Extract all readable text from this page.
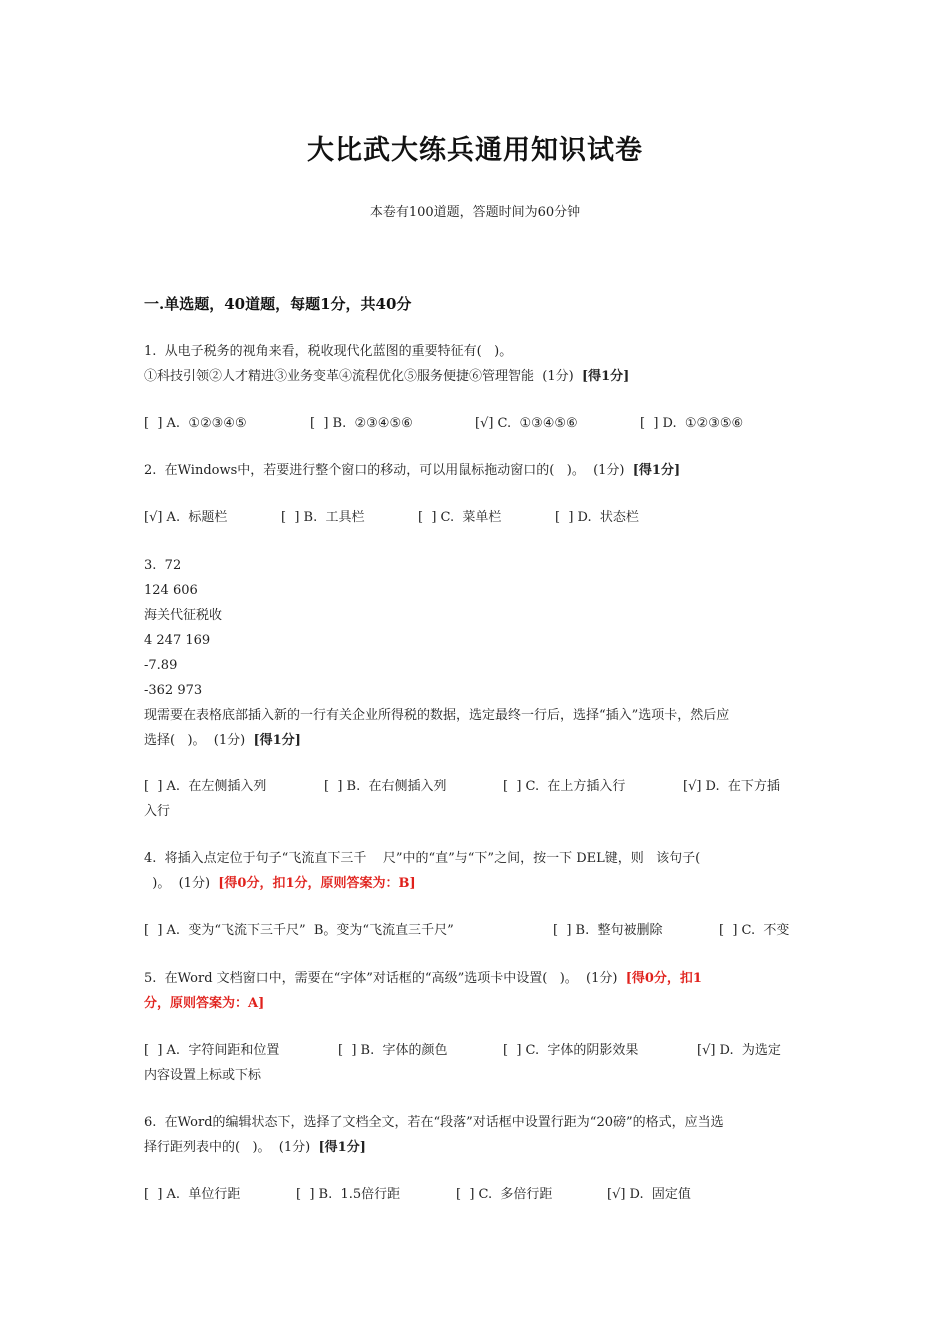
大比武大练兵通用知识试卷
本卷有100道题，答题时间为60分钟
一.单选题，40道题，每题1分，共40分
1.  从电子税务的视角来看，税收现代化蓝图的重要特征有(   )。
①科技引领②人才精进③业务变革④流程优化⑤服务便捷⑥管理智能  (1分)  [得1分]
[  ] A.  ①②③④⑤	[  ] B.  ②③④⑤⑥	[√] C.  ①③④⑤⑥	[  ] D.  ①②③⑤⑥
2.  在Windows中，若要进行整个窗口的移动，可以用鼠标拖动窗口的(   )。  (1分)  [得1分]
[√] A.  标题栏	[  ] B.  工具栏	[  ] C.  菜单栏	[  ] D.  状态栏
3.  72
124 606
海关代征税收
4 247 169
-7.89
-362 973
现需要在表格底部插入新的一行有关企业所得税的数据，选定最终一行后，选择“插入”选项卡，然后应
选择(   )。  (1分)  [得1分]
[  ] A.  在左侧插入列	[  ] B.  在右侧插入列	[  ] C.  在上方插入行	[√] D.  在下方插
入行
4.  将插入点定位于句子“飞流直下三千    尺”中的“直”与“下”之间，按一下 DEL键，则   该句子(
)。  (1分)  [得0分，扣1分，原则答案为：B]
[  ] A.  变为“飞流下三千尺”  B。变为“飞流直三千尺”	[  ] B.  整句被删除	[  ] C.  不变
5.  在Word 文档窗口中，需要在“字体”对话框的“高级”选项卡中设置(   )。  (1分)  [得0分，扣1
分，原则答案为：A]
[  ] A.  字符间距和位置	[  ] B.  字体的颜色	[  ] C.  字体的阴影效果	[√] D.  为选定
内容设置上标或下标
6.  在Word的编辑状态下，选择了文档全文，若在“段落”对话框中设置行距为“20磅”的格式，应当选
择行距列表中的(   )。  (1分)  [得1分]
[  ] A.  单位行距	[  ] B.  1.5倍行距	[  ] C.  多倍行距	[√] D.  固定值
